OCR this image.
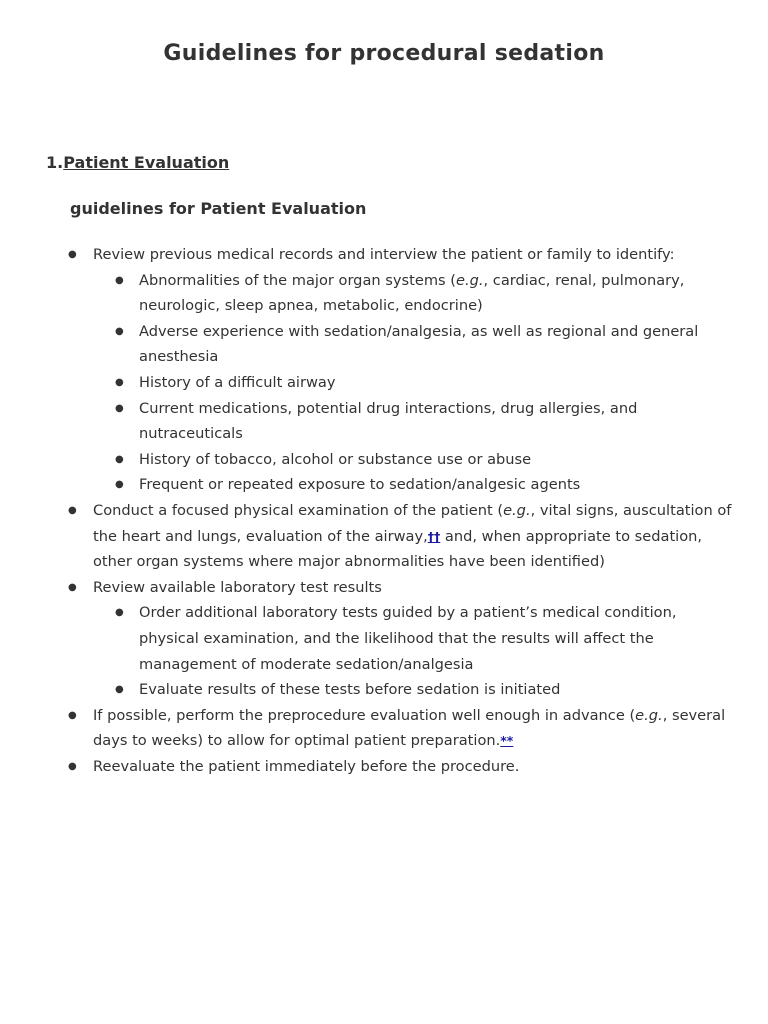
Guidelines for procedural sedation
1.Patient Evaluation
guidelines for Patient Evaluation
● Review previous medical records and interview the patient or family to identify:
● Abnormalities of the major organ systems (e.g., cardiac, renal, pulmonary, neurologic, sleep apnea, metabolic, endocrine)
● Adverse experience with sedation/analgesia, as well as regional and general anesthesia
● History of a difficult airway
● Current medications, potential drug interactions, drug allergies, and nutraceuticals
● History of tobacco, alcohol or substance use or abuse
● Frequent or repeated exposure to sedation/analgesic agents
● Conduct a focused physical examination of the patient (e.g., vital signs, auscultation of the heart and lungs, evaluation of the airway,†† and, when appropriate to sedation, other organ systems where major abnormalities have been identified)
● Review available laboratory test results
● Order additional laboratory tests guided by a patient’s medical condition, physical examination, and the likelihood that the results will affect the management of moderate sedation/analgesia
● Evaluate results of these tests before sedation is initiated
● If possible, perform the preprocedure evaluation well enough in advance (e.g., several days to weeks) to allow for optimal patient preparation.**
● Reevaluate the patient immediately before the procedure.
